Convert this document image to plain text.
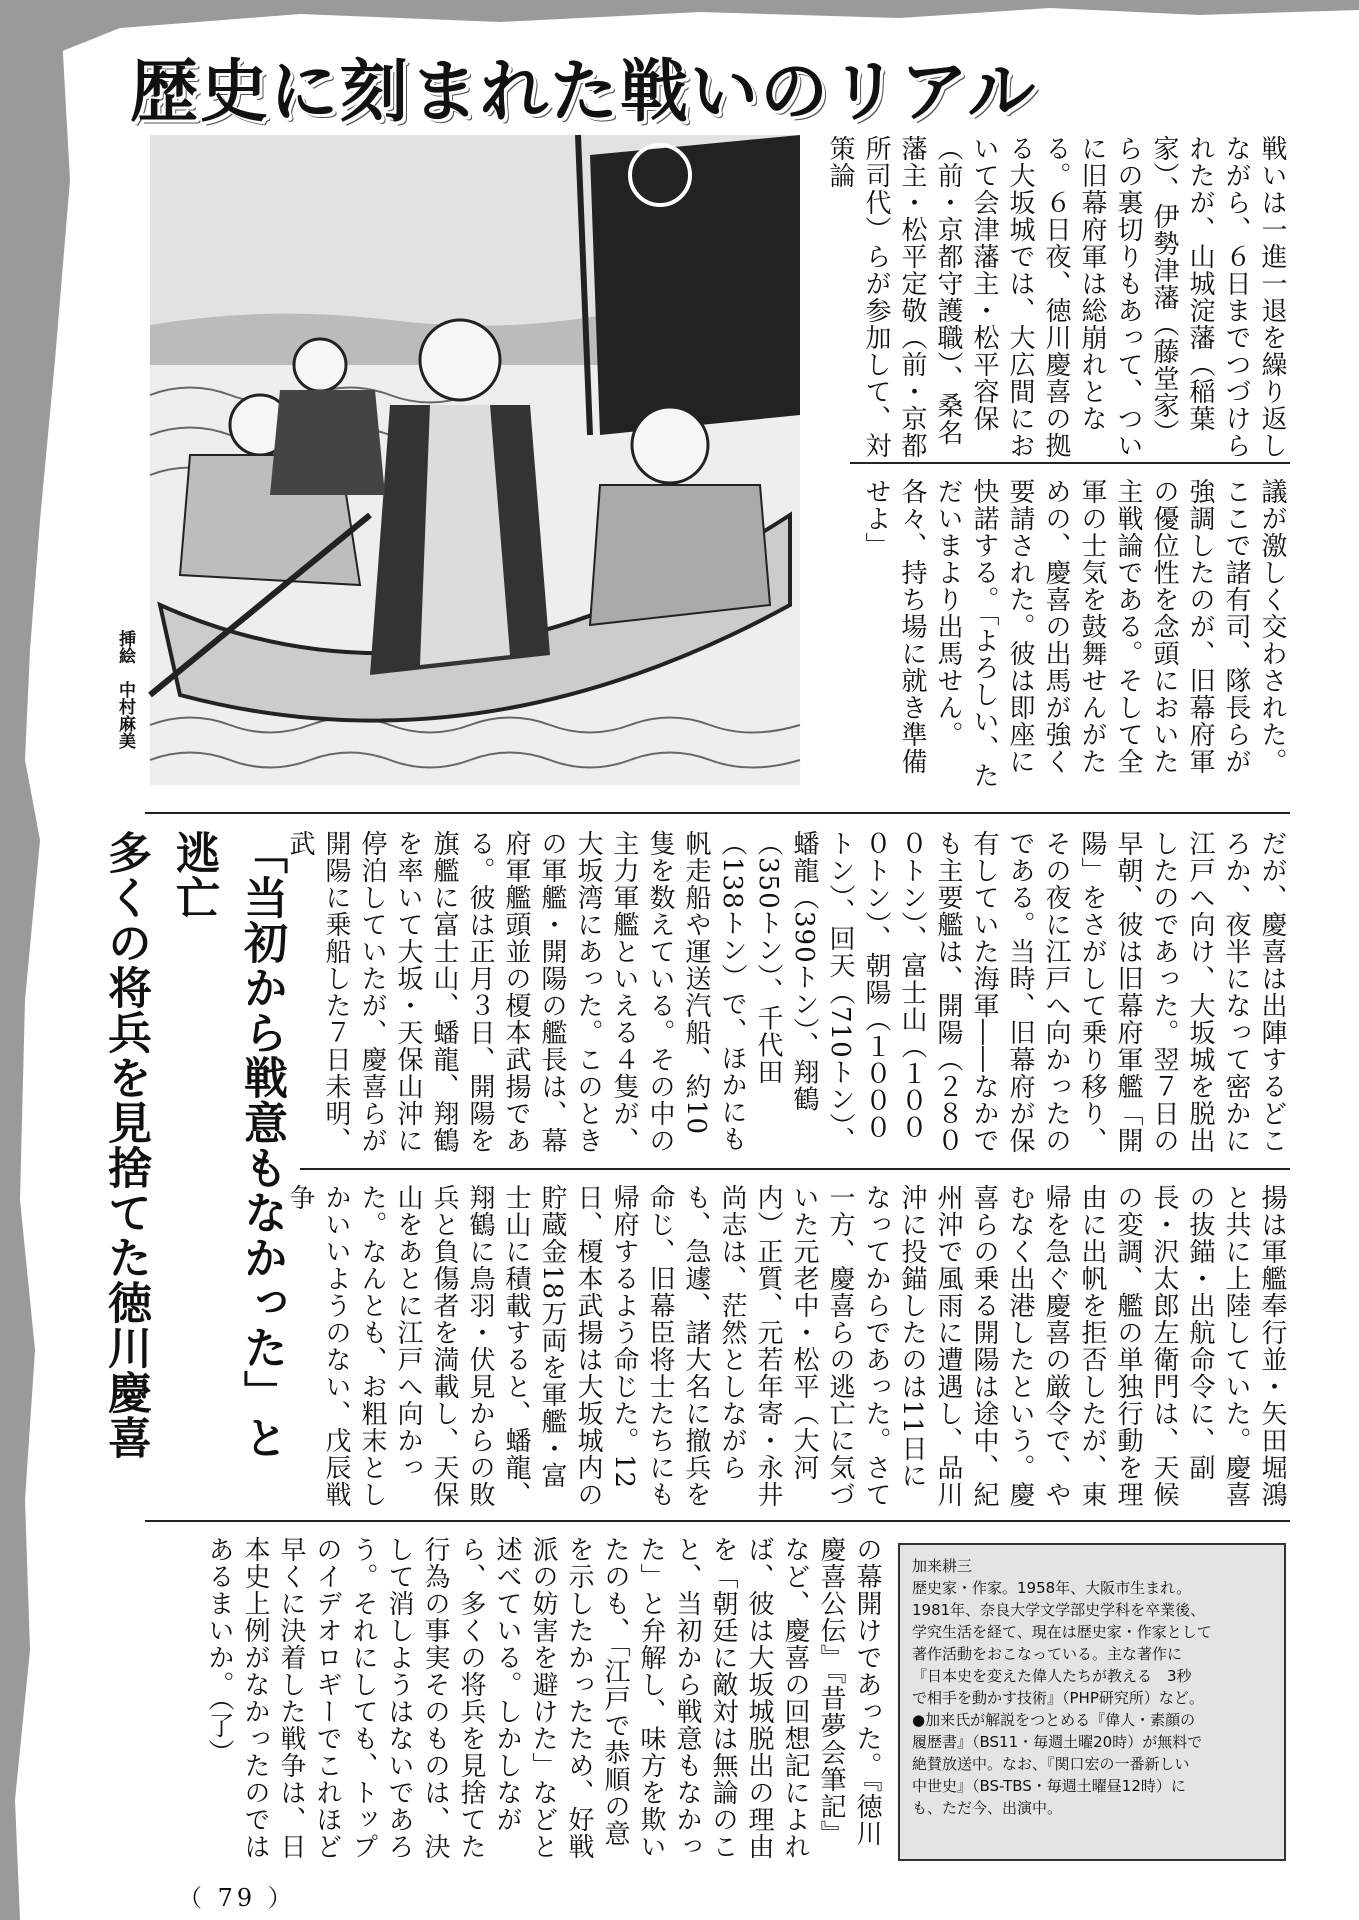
歴史に刻まれた戦いのリアル
挿絵　中村麻美

戦いは一進一退を繰り返しながら、６日までつづけられたが、山城淀藩（稲葉家）、伊勢津藩（藤堂家）らの裏切りもあって、ついに旧幕府軍は総崩れとなる。６日夜、徳川慶喜の拠る大坂城では、大広間において会津藩主・松平容保（前・京都守護職）、桑名藩主・松平定敬（前・京都所司代）らが参加して、対策論

議が激しく交わされた。ここで諸有司、隊長らが強調したのが、旧幕府軍の優位性を念頭においた主戦論である。そして全軍の士気を鼓舞せんがための、慶喜の出馬が強く要請された。彼は即座に快諾する。「よろしい、ただいまより出馬せん。各々、持ち場に就き準備せよ」

「当初から戦意もなかった」と逃亡

多くの将兵を見捨てた徳川慶喜	だが、慶喜は出陣するどころか、夜半になって密かに江戸へ向け、大坂城を脱出したのであった。翌７日の早朝、彼は旧幕府軍艦「開陽」をさがして乗り移り、その夜に江戸へ向かったのである。当時、旧幕府が保有していた海軍――なかでも主要艦は、開陽（２８００トン）、富士山（１０００トン）、朝陽（１０００トン）、回天（710トン）、蟠龍（390トン）、翔鶴（350トン）、千代田（138トン）で、ほかにも帆走船や運送汽船、約10隻を数えている。その中の主力軍艦といえる４隻が、大坂湾にあった。このときの軍艦・開陽の艦長は、幕府軍艦頭並の榎本武揚である。彼は正月３日、開陽を旗艦に富士山、蟠龍、翔鶴を率いて大坂・天保山沖に停泊していたが、慶喜らが開陽に乗船した７日未明、武

揚は軍艦奉行並・矢田堀鴻と共に上陸していた。慶喜の抜錨・出航命令に、副長・沢太郎左衛門は、天候の変調、艦の単独行動を理由に出帆を拒否したが、東帰を急ぐ慶喜の厳令で、やむなく出港したという。慶喜らの乗る開陽は途中、紀州沖で風雨に遭遇し、品川沖に投錨したのは11日になってからであった。さて一方、慶喜らの逃亡に気づいた元老中・松平（大河内）正質、元若年寄・永井尚志は、茫然としながらも、急遽、諸大名に撤兵を命じ、旧幕臣将士たちにも帰府するよう命じた。12日、榎本武揚は大坂城内の貯蔵金18万両を軍艦・富士山に積載すると、蟠龍、翔鶴に鳥羽・伏見からの敗兵と負傷者を満載し、天保山をあとに江戸へ向かった。なんとも、お粗末としかいいようのない、戊辰戦争

の幕開けであった。『徳川慶喜公伝』『昔夢会筆記』など、慶喜の回想記によれば、彼は大坂城脱出の理由を「朝廷に敵対は無論のこと、当初から戦意もなかった」と弁解し、味方を欺いたのも、「江戸で恭順の意を示したかったため、好戦派の妨害を避けた」などと述べている。しかしながら、多くの将兵を見捨てた行為の事実そのものは、決して消しようはないであろう。それにしても、トップのイデオロギーでこれほど早くに決着した戦争は、日本史上例がなかったのではあるまいか。（了）	加来耕三

歴史家・作家。1958年、大阪市生まれ。

1981年、奈良大学文学部史学科を卒業後、

学究生活を経て、現在は歴史家・作家として

著作活動をおこなっている。主な著作に

『日本史を変えた偉人たちが教える　3秒

で相手を動かす技術』（PHP研究所）など。

●加来氏が解説をつとめる『偉人・素顔の

履歴書』（BS11・毎週土曜20時）が無料で

絶賛放送中。なお、『関口宏の一番新しい

中世史』（BS-TBS・毎週土曜昼12時）に

も、ただ今、出演中。

（ 79 ）
